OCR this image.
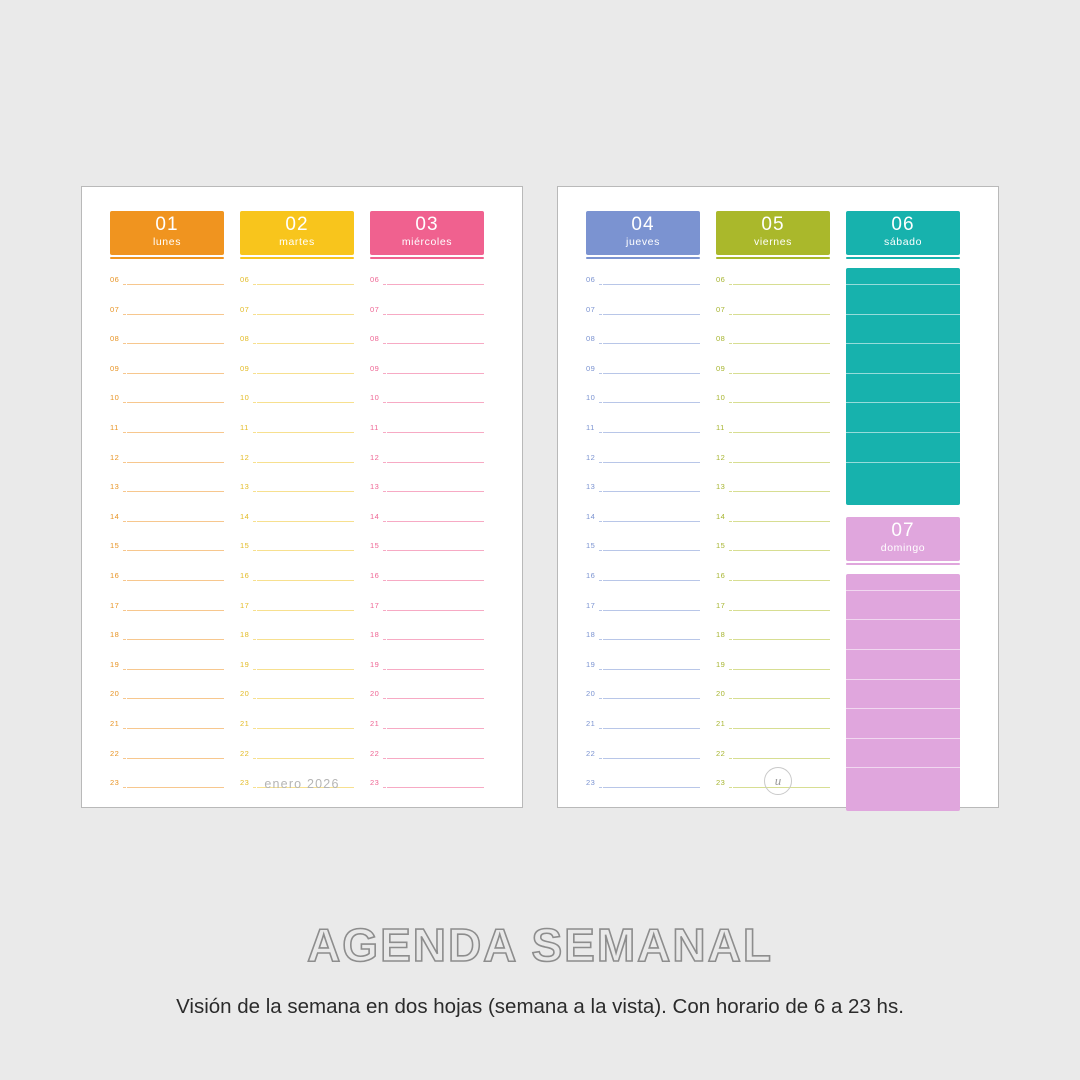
01
lunes
06
07
08
09
10
11
12
13
14
15
16
17
18
19
20
21
22
23
02
martes
06
07
08
09
10
11
12
13
14
15
16
17
18
19
20
21
22
23
03
miércoles
06
07
08
09
10
11
12
13
14
15
16
17
18
19
20
21
22
23
enero 2026
04
jueves
06
07
08
09
10
11
12
13
14
15
16
17
18
19
20
21
22
23
05
viernes
06
07
08
09
10
11
12
13
14
15
16
17
18
19
20
21
22
23
06
sábado
07
domingo
u
AGENDA SEMANAL
Visión de la semana en dos hojas (semana a la vista). Con horario de 6 a 23 hs.
